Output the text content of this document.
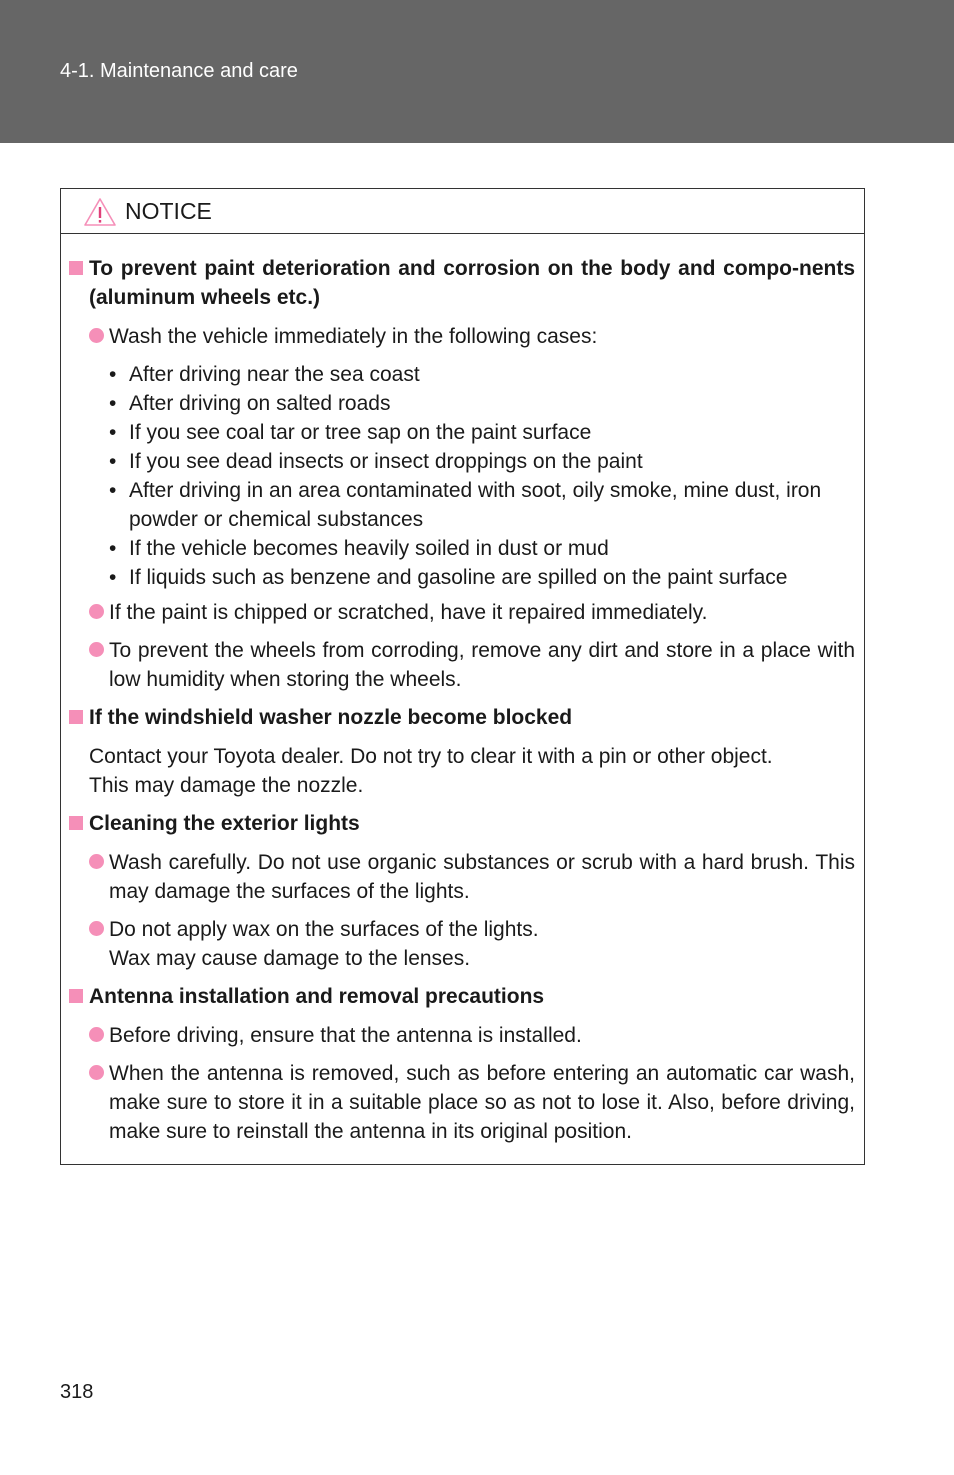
4-1. Maintenance and care
NOTICE
To prevent paint deterioration and corrosion on the body and compo-nents (aluminum wheels etc.)
Wash the vehicle immediately in the following cases:
• After driving near the sea coast
• After driving on salted roads
• If you see coal tar or tree sap on the paint surface
• If you see dead insects or insect droppings on the paint
• After driving in an area contaminated with soot, oily smoke, mine dust, iron powder or chemical substances
• If the vehicle becomes heavily soiled in dust or mud
• If liquids such as benzene and gasoline are spilled on the paint surface
If the paint is chipped or scratched, have it repaired immediately.
To prevent the wheels from corroding, remove any dirt and store in a place with low humidity when storing the wheels.
If the windshield washer nozzle become blocked
Contact your Toyota dealer. Do not try to clear it with a pin or other object.
This may damage the nozzle.
Cleaning the exterior lights
Wash carefully. Do not use organic substances or scrub with a hard brush. This may damage the surfaces of the lights.
Do not apply wax on the surfaces of the lights.
Wax may cause damage to the lenses.
Antenna installation and removal precautions
Before driving, ensure that the antenna is installed.
When the antenna is removed, such as before entering an automatic car wash, make sure to store it in a suitable place so as not to lose it. Also, before driving, make sure to reinstall the antenna in its original position.
318
